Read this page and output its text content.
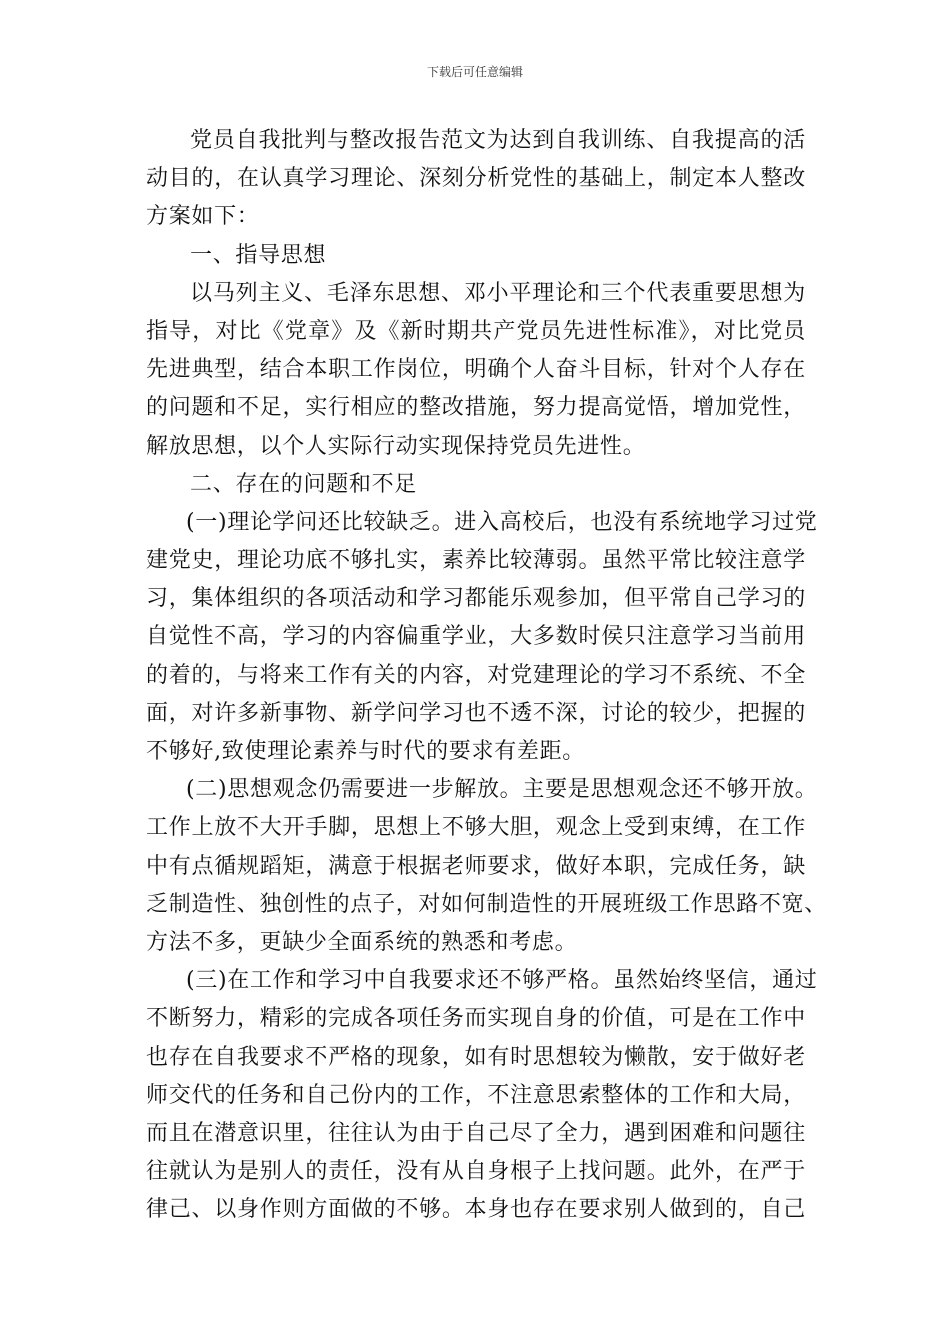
下载后可任意编辑
党员自我批判与整改报告范文为达到自我训练、自我提高的活
动目的，在认真学习理论、深刻分析党性的基础上，制定本人整改
方案如下：
一、指导思想
以马列主义、毛泽东思想、邓小平理论和三个代表重要思想为
指导，对比《党章》及《新时期共产党员先进性标准》，对比党员
先进典型，结合本职工作岗位，明确个人奋斗目标，针对个人存在
的问题和不足，实行相应的整改措施，努力提高觉悟，增加党性，
解放思想，以个人实际行动实现保持党员先进性。
二、存在的问题和不足
(一)理论学问还比较缺乏。进入高校后，也没有系统地学习过党
建党史，理论功底不够扎实，素养比较薄弱。虽然平常比较注意学
习，集体组织的各项活动和学习都能乐观参加，但平常自己学习的
自觉性不高，学习的内容偏重学业，大多数时侯只注意学习当前用
的着的，与将来工作有关的内容，对党建理论的学习不系统、不全
面，对许多新事物、新学问学习也不透不深，讨论的较少，把握的
不够好,致使理论素养与时代的要求有差距。
(二)思想观念仍需要进一步解放。主要是思想观念还不够开放。
工作上放不大开手脚，思想上不够大胆，观念上受到束缚，在工作
中有点循规蹈矩，满意于根据老师要求，做好本职，完成任务，缺
乏制造性、独创性的点子，对如何制造性的开展班级工作思路不宽、
方法不多，更缺少全面系统的熟悉和考虑。
(三)在工作和学习中自我要求还不够严格。虽然始终坚信，通过
不断努力，精彩的完成各项任务而实现自身的价值，可是在工作中
也存在自我要求不严格的现象，如有时思想较为懒散，安于做好老
师交代的任务和自己份内的工作，不注意思索整体的工作和大局，
而且在潜意识里，往往认为由于自己尽了全力，遇到困难和问题往
往就认为是别人的责任，没有从自身根子上找问题。此外，在严于
律己、以身作则方面做的不够。本身也存在要求别人做到的，自己
